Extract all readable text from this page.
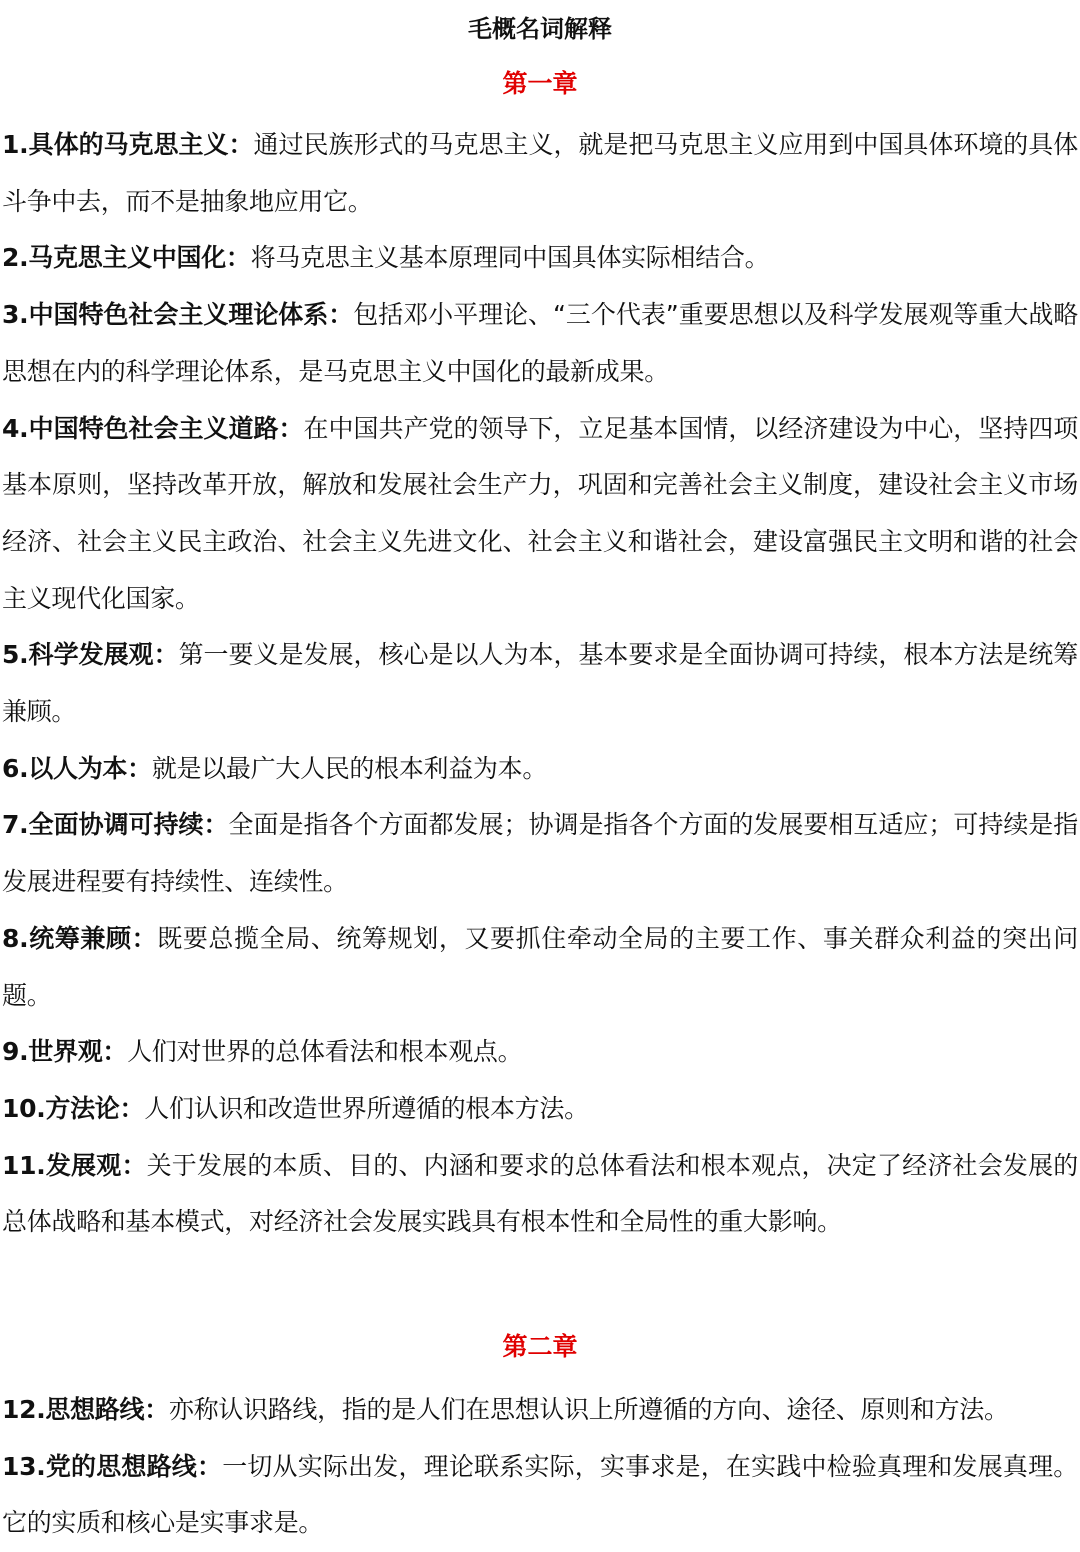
毛概名词解释
第一章

1.具体的马克思主义：通过民族形式的马克思主义，就是把马克思主义应用到中国具体环境的具体斗争中去，而不是抽象地应用它。

2.马克思主义中国化：将马克思主义基本原理同中国具体实际相结合。

3.中国特色社会主义理论体系：包括邓小平理论、“三个代表”重要思想以及科学发展观等重大战略思想在内的科学理论体系，是马克思主义中国化的最新成果。

4.中国特色社会主义道路：在中国共产党的领导下，立足基本国情，以经济建设为中心，坚持四项基本原则，坚持改革开放，解放和发展社会生产力，巩固和完善社会主义制度，建设社会主义市场经济、社会主义民主政治、社会主义先进文化、社会主义和谐社会，建设富强民主文明和谐的社会主义现代化国家。

5.科学发展观：第一要义是发展，核心是以人为本，基本要求是全面协调可持续，根本方法是统筹兼顾。

6.以人为本：就是以最广大人民的根本利益为本。

7.全面协调可持续：全面是指各个方面都发展；协调是指各个方面的发展要相互适应；可持续是指发展进程要有持续性、连续性。

8.统筹兼顾：既要总揽全局、统筹规划，又要抓住牵动全局的主要工作、事关群众利益的突出问题。

9.世界观：人们对世界的总体看法和根本观点。

10.方法论：人们认识和改造世界所遵循的根本方法。

11.发展观：关于发展的本质、目的、内涵和要求的总体看法和根本观点，决定了经济社会发展的总体战略和基本模式，对经济社会发展实践具有根本性和全局性的重大影响。

第二章

12.思想路线：亦称认识路线，指的是人们在思想认识上所遵循的方向、途径、原则和方法。

13.党的思想路线：一切从实际出发，理论联系实际，实事求是，在实践中检验真理和发展真理。它的实质和核心是实事求是。
